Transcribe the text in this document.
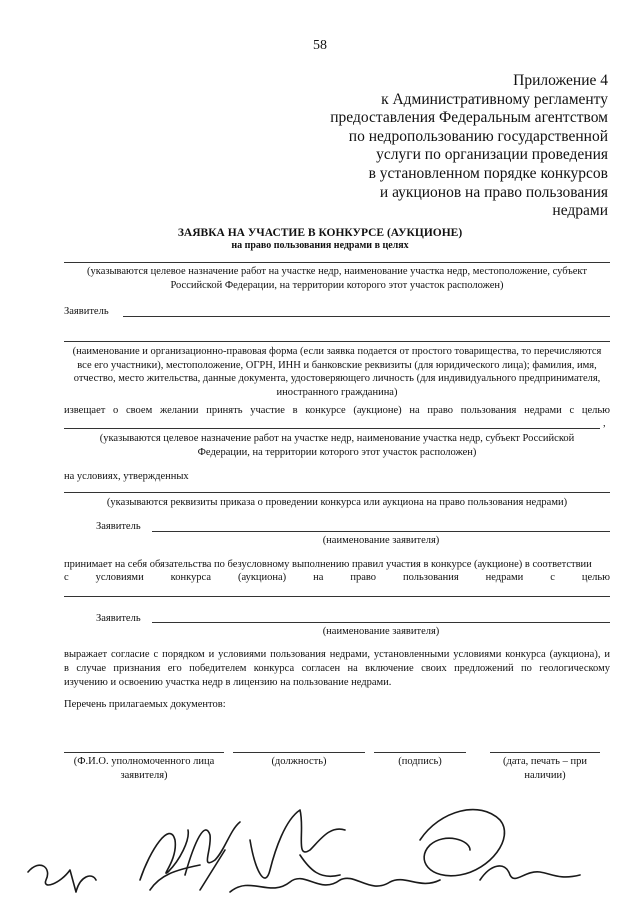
58
Приложение 4
к Административному регламенту
предоставления Федеральным агентством
по недропользованию государственной
услуги по организации проведения
в установленном порядке конкурсов
и аукционов на право пользования
недрами
ЗАЯВКА НА УЧАСТИЕ В КОНКУРСЕ (АУКЦИОНЕ)
на право пользования недрами в целях
(указываются целевое назначение работ на участке недр, наименование участка недр, местоположение, субъект
Российской Федерации, на территории которого этот участок расположен)
Заявитель
(наименование и организационно-правовая форма (если заявка подается от простого товарищества, то перечисляются
все его участники), местоположение, ОГРН, ИНН и банковские реквизиты (для юридического лица); фамилия, имя,
отчество, место жительства, данные документа, удостоверяющего личность (для индивидуального предпринимателя,
иностранного гражданина)
извещает о своем желании принять участие в конкурсе (аукционе) на право пользования недрами с целью
,
(указываются целевое назначение работ на участке недр, наименование участка недр, субъект Российской
Федерации, на территории которого этот участок расположен)
на условиях, утвержденных
(указываются реквизиты приказа о проведении конкурса или аукциона на право пользования недрами)
Заявитель
(наименование заявителя)
принимает на себя обязательства по безусловному выполнению правил участия в конкурсе (аукционе) в соответствии
с условиями конкурса (аукциона) на право пользования недрами с целью
Заявитель
(наименование заявителя)
выражает согласие с порядком и условиями пользования недрами, установленными условиями конкурса (аукциона), и
в случае признания его победителем конкурса согласен на включение своих предложений по геологическому
изучению и освоению участка недр в лицензию на пользование недрами.
Перечень прилагаемых документов:
(Ф.И.О. уполномоченного лица
заявителя)
(должность)	(подпись)	(дата, печать – при
наличии)
